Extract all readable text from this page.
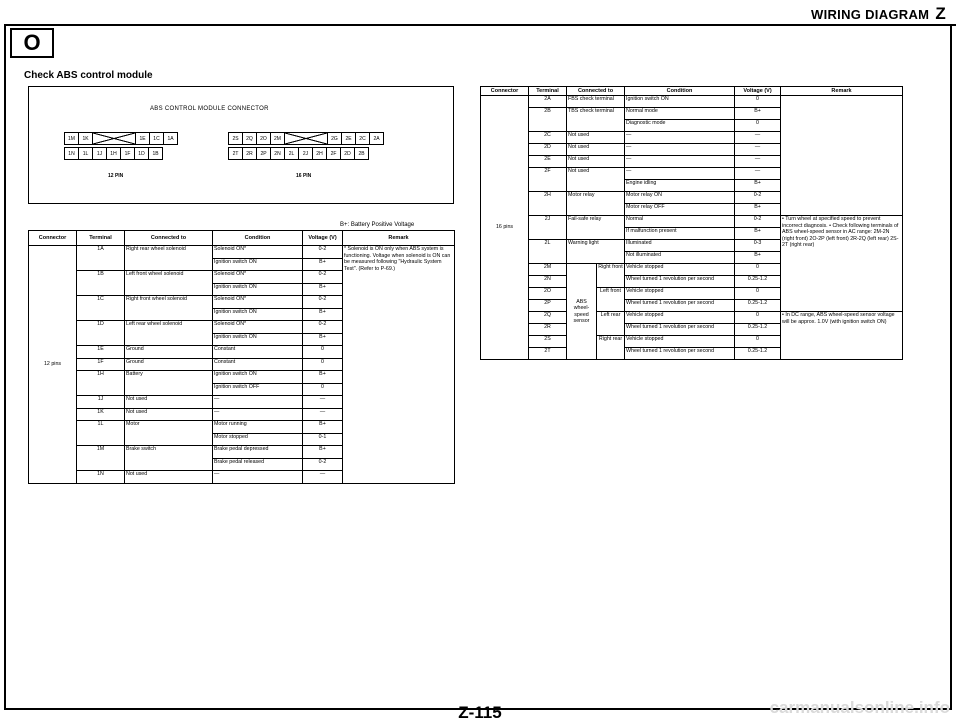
WIRING DIAGRAM Z
O
Check ABS control module
ABS CONTROL MODULE CONNECTOR
1M	1K	1E	1C	1A
1N	1L	1J	1H	1F	1D	1B
2S	2Q	2O	2M	2G	2E	2C	2A
2T	2R	2P	2N	2L	2J	2H	2F	2D	2B
12 PIN	16 PIN
B+: Battery Positive Voltage
Connector	Terminal	Connected to	Condition	Voltage (V)	Remark
12 pins	1A	Right rear wheel solenoid	Solenoid ON*	0-2	* Solenoid is ON only when ABS system is functioning. Voltage when solenoid is ON can be measured following "Hydraulic System Test". (Refer to P-69.)
			Ignition switch ON	B+	
	1B	Left front wheel solenoid	Solenoid ON*	0-2	
			Ignition switch ON	B+	
	1C	Right front wheel solenoid	Solenoid ON*	0-2	
			Ignition switch ON	B+	
	1D	Left rear wheel solenoid	Solenoid ON*	0-2	
			Ignition switch ON	B+	
	1E	Ground	Constant	0	
	1F	Ground	Constant	0	
	1H	Battery	Ignition switch ON	B+	
			Ignition switch OFF	0	
	1J	Not used	—	—	
	1K	Not used	—	—	
	1L	Motor	Motor running	B+	
			Motor stopped	0-1	
	1M	Brake switch	Brake pedal depressed	B+	
			Brake pedal released	0-2	
	1N	Not used	—	—	
Connector	Terminal	Connected to		Condition	Voltage (V)	Remark
16 pins	2A	FBS check terminal		Ignition switch ON	0	
	2B	TBS check terminal		Normal mode	B+	
				Diagnostic mode	0	
	2C	Not used		—	—	
	2D	Not used		—	—	
	2E	Not used		—	—	
	2F	Not used		—	—	
				Engine idling	B+	
	2H	Motor relay		Motor relay ON	0-2	
				Motor relay OFF	B+	
	2J	Fail-safe relay		Normal	0-2	• Turn wheel at specified speed to prevent incorrect diagnosis. • Check following terminals of ABS wheel-speed sensor in AC range: 2M-2N (right front) 2O-2P (left front) 2R-2Q (left rear) 2S-2T (right rear)
				If malfunction present	B+	
	2L	Warning light		Illuminated	0-3	
				Not illuminated	B+	
	2M	ABS wheel-speed sensor	Right front	Vehicle stopped	0	
	2N			Wheel turned 1 revolution per second	0.25-1.2	
	2O		Left front	Vehicle stopped	0	
	2P			Wheel turned 1 revolution per second	0.25-1.2	
	2Q		Left rear	Vehicle stopped	0	• In DC range, ABS wheel-speed sensor voltage will be approx. 1.0V (with ignition switch ON)
	2R			Wheel turned 1 revolution per second	0.25-1.2	
	2S		Right rear	Vehicle stopped	0	
	2T			Wheel turned 1 revolution per second	0.25-1.2	
Z-115	carmanualsonline.info
